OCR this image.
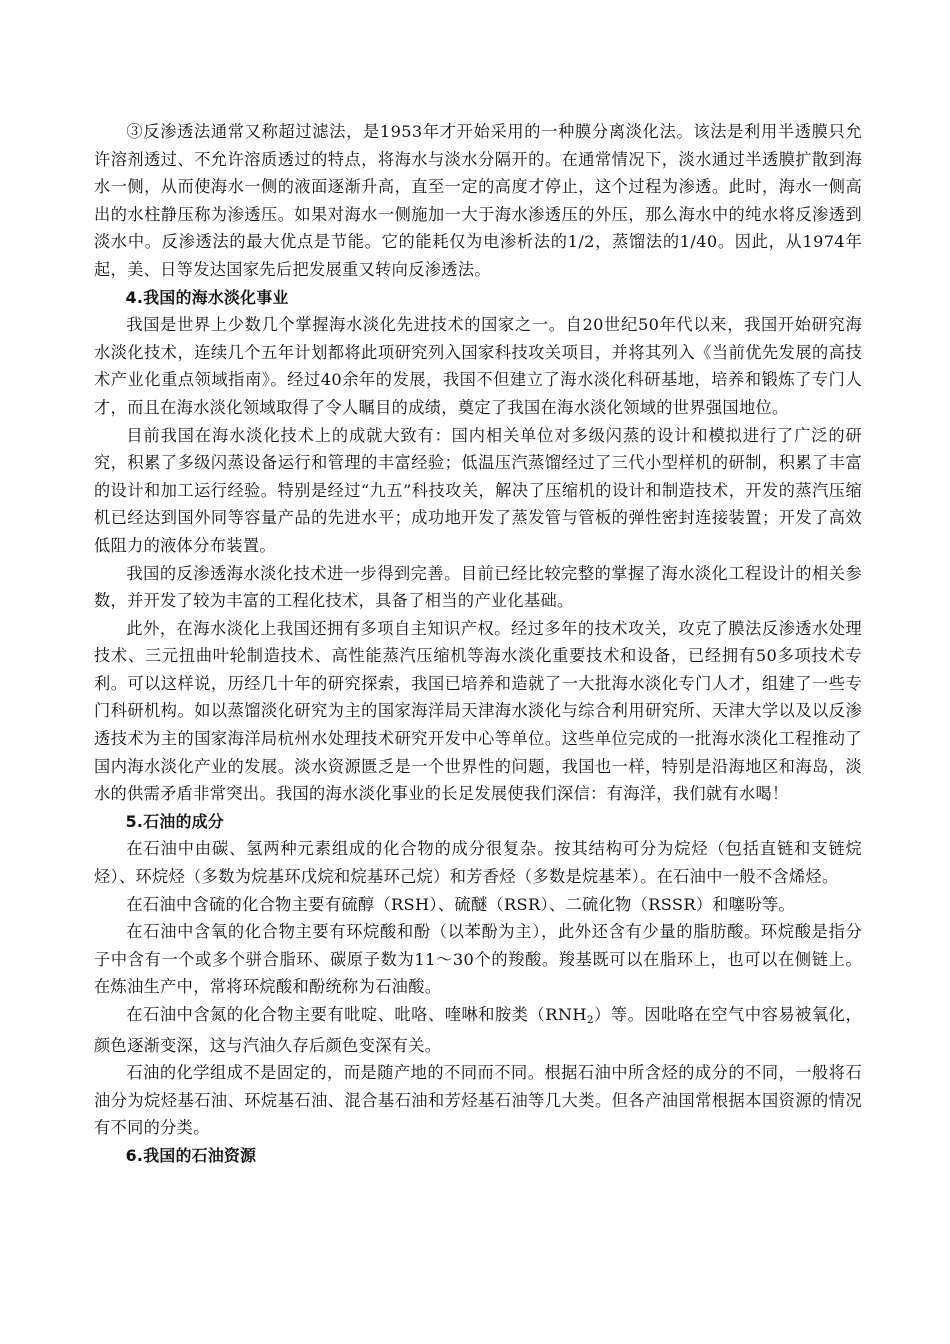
③反渗透法通常又称超过滤法，是1953年才开始采用的一种膜分离淡化法。该法是利用半透膜只允许溶剂透过、不允许溶质透过的特点，将海水与淡水分隔开的。在通常情况下，淡水通过半透膜扩散到海水一侧，从而使海水一侧的液面逐渐升高，直至一定的高度才停止，这个过程为渗透。此时，海水一侧高出的水柱静压称为渗透压。如果对海水一侧施加一大于海水渗透压的外压，那么海水中的纯水将反渗透到淡水中。反渗透法的最大优点是节能。它的能耗仅为电渗析法的1/2，蒸馏法的1/40。因此，从1974年起，美、日等发达国家先后把发展重又转向反渗透法。

4.我国的海水淡化事业

我国是世界上少数几个掌握海水淡化先进技术的国家之一。自20世纪50年代以来，我国开始研究海水淡化技术，连续几个五年计划都将此项研究列入国家科技攻关项目，并将其列入《当前优先发展的高技术产业化重点领域指南》。经过40余年的发展，我国不但建立了海水淡化科研基地，培养和锻炼了专门人才，而且在海水淡化领域取得了令人瞩目的成绩，奠定了我国在海水淡化领域的世界强国地位。

目前我国在海水淡化技术上的成就大致有：国内相关单位对多级闪蒸的设计和模拟进行了广泛的研究，积累了多级闪蒸设备运行和管理的丰富经验；低温压汽蒸馏经过了三代小型样机的研制，积累了丰富的设计和加工运行经验。特别是经过“九五”科技攻关，解决了压缩机的设计和制造技术，开发的蒸汽压缩机已经达到国外同等容量产品的先进水平；成功地开发了蒸发管与管板的弹性密封连接装置；开发了高效低阻力的液体分布装置。

我国的反渗透海水淡化技术进一步得到完善。目前已经比较完整的掌握了海水淡化工程设计的相关参数，并开发了较为丰富的工程化技术，具备了相当的产业化基础。

此外，在海水淡化上我国还拥有多项自主知识产权。经过多年的技术攻关，攻克了膜法反渗透水处理技术、三元扭曲叶轮制造技术、高性能蒸汽压缩机等海水淡化重要技术和设备，已经拥有50多项技术专利。可以这样说，历经几十年的研究探索，我国已培养和造就了一大批海水淡化专门人才，组建了一些专门科研机构。如以蒸馏淡化研究为主的国家海洋局天津海水淡化与综合利用研究所、天津大学以及以反渗透技术为主的国家海洋局杭州水处理技术研究开发中心等单位。这些单位完成的一批海水淡化工程推动了国内海水淡化产业的发展。淡水资源匮乏是一个世界性的问题，我国也一样，特别是沿海地区和海岛，淡水的供需矛盾非常突出。我国的海水淡化事业的长足发展使我们深信：有海洋，我们就有水喝！

5.石油的成分

在石油中由碳、氢两种元素组成的化合物的成分很复杂。按其结构可分为烷烃（包括直链和支链烷烃）、环烷烃（多数为烷基环戊烷和烷基环己烷）和芳香烃（多数是烷基苯）。在石油中一般不含烯烃。

在石油中含硫的化合物主要有硫醇（RSH）、硫醚（RSR）、二硫化物（RSSR）和噻吩等。

在石油中含氧的化合物主要有环烷酸和酚（以苯酚为主），此外还含有少量的脂肪酸。环烷酸是指分子中含有一个或多个骈合脂环、碳原子数为11～30个的羧酸。羧基既可以在脂环上，也可以在侧链上。在炼油生产中，常将环烷酸和酚统称为石油酸。

在石油中含氮的化合物主要有吡啶、吡咯、喹啉和胺类（RNH2）等。因吡咯在空气中容易被氧化，颜色逐渐变深，这与汽油久存后颜色变深有关。

石油的化学组成不是固定的，而是随产地的不同而不同。根据石油中所含烃的成分的不同，一般将石油分为烷烃基石油、环烷基石油、混合基石油和芳烃基石油等几大类。但各产油国常根据本国资源的情况有不同的分类。

6.我国的石油资源
